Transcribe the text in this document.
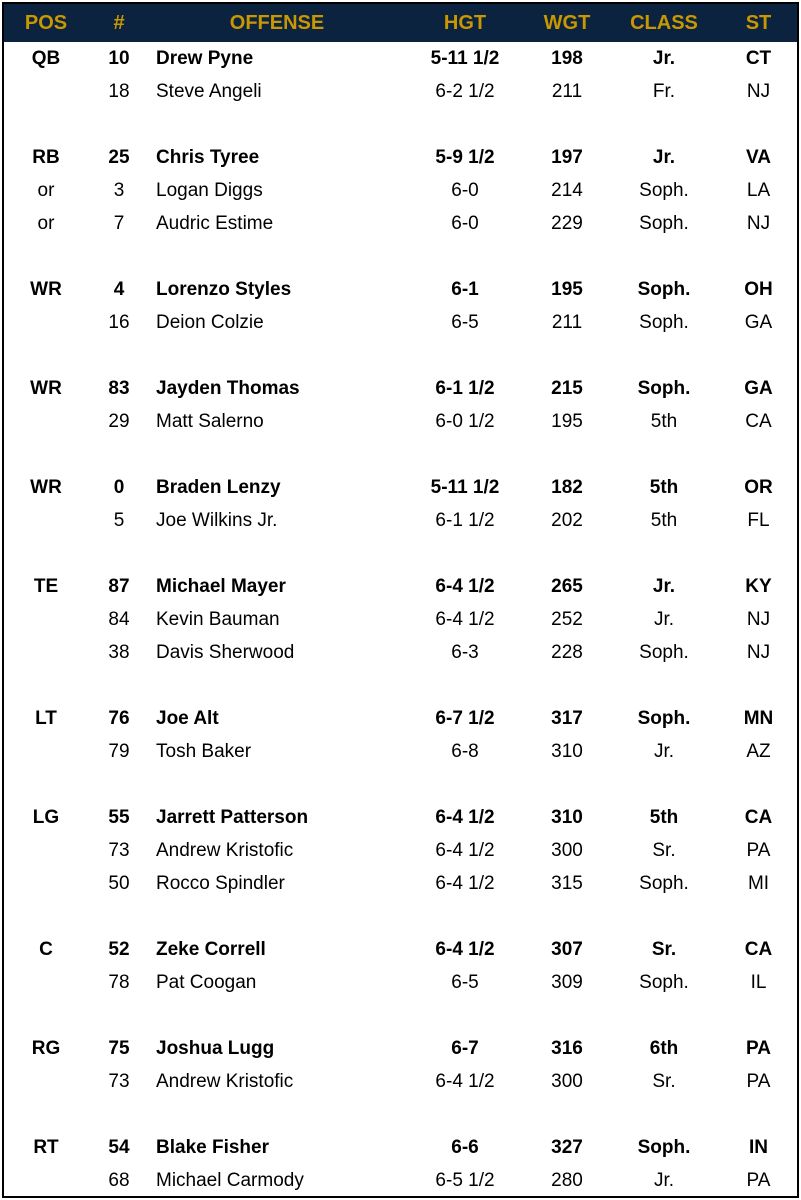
POS	#	OFFENSE	HGT	WGT	CLASS	ST
QB	10	Drew Pyne	5-11 1/2	198	Jr.	CT
	18	Steve Angeli	6-2 1/2	211	Fr.	NJ

RB	25	Chris Tyree	5-9 1/2	197	Jr.	VA
or	3	Logan Diggs	6-0	214	Soph.	LA
or	7	Audric Estime	6-0	229	Soph.	NJ

WR	4	Lorenzo Styles	6-1	195	Soph.	OH
	16	Deion Colzie	6-5	211	Soph.	GA

WR	83	Jayden Thomas	6-1 1/2	215	Soph.	GA
	29	Matt Salerno	6-0 1/2	195	5th	CA

WR	0	Braden Lenzy	5-11 1/2	182	5th	OR
	5	Joe Wilkins Jr.	6-1 1/2	202	5th	FL

TE	87	Michael Mayer	6-4 1/2	265	Jr.	KY
	84	Kevin Bauman	6-4 1/2	252	Jr.	NJ
	38	Davis Sherwood	6-3	228	Soph.	NJ

LT	76	Joe Alt	6-7 1/2	317	Soph.	MN
	79	Tosh Baker	6-8	310	Jr.	AZ

LG	55	Jarrett Patterson	6-4 1/2	310	5th	CA
	73	Andrew Kristofic	6-4 1/2	300	Sr.	PA
	50	Rocco Spindler	6-4 1/2	315	Soph.	MI

C	52	Zeke Correll	6-4 1/2	307	Sr.	CA
	78	Pat Coogan	6-5	309	Soph.	IL

RG	75	Joshua Lugg	6-7	316	6th	PA
	73	Andrew Kristofic	6-4 1/2	300	Sr.	PA

RT	54	Blake Fisher	6-6	327	Soph.	IN
	68	Michael Carmody	6-5 1/2	280	Jr.	PA
